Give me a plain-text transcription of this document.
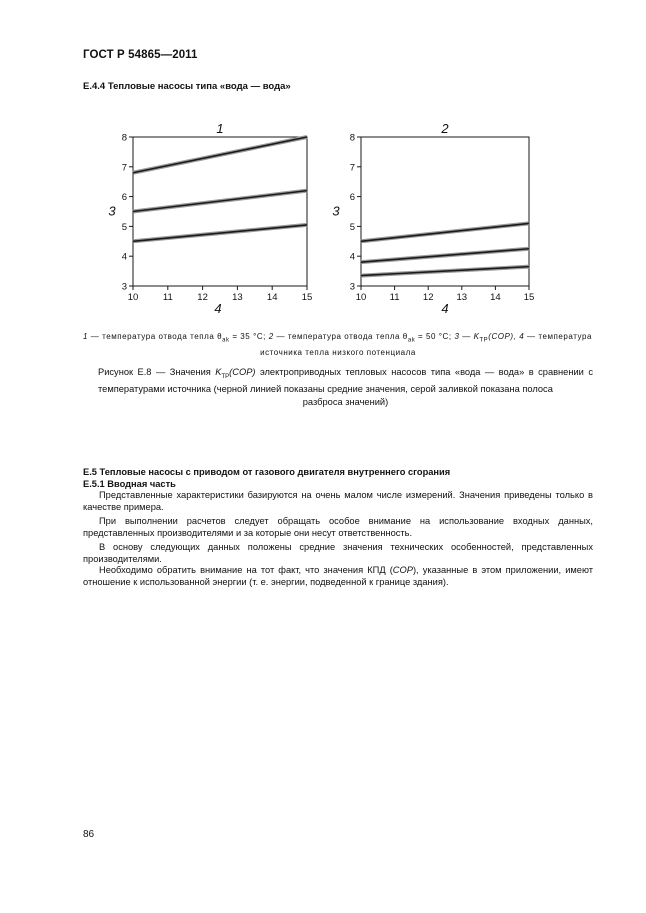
ГОСТ Р 54865—2011
Е.4.4 Тепловые насосы типа «вода — вода»
3
4
5
6
7
8
10	11	12	13	14	15
1
3
4
3
4
5
6
7
8
10 11 12 13 14 15
2
3
4
1 — температура отвода тепла $\theta_{ak} = 35$ °C; 2 — температура отвода тепла $\theta_{ak} = 50$ °C; 3 — $K_{TP}(COP)$, 4 — температура
источника тепла низкого потенциала
Рисунок Е.8 — Значения $K_{TP}(COP)$ электроприводных тепловых насосов типа «вода — вода» в сравнении с температурами источника (черной линией показаны средние значения, серой заливкой показана полоса
разброса значений)
Е.5 Тепловые насосы с приводом от газового двигателя внутреннего сгорания
Е.5.1 Вводная часть
Представленные характеристики базируются на очень малом числе измерений. Значения приведены только в качестве примера.
При выполнении расчетов следует обращать особое внимание на использование входных данных, представленных производителями и за которые они несут ответственность.
В основу следующих данных положены средние значения технических особенностей, представленных производителями.
Необходимо обратить внимание на тот факт, что значения КПД (COP), указанные в этом приложении, имеют отношение к использованной энергии (т. е. энергии, подведенной к границе здания).
86
